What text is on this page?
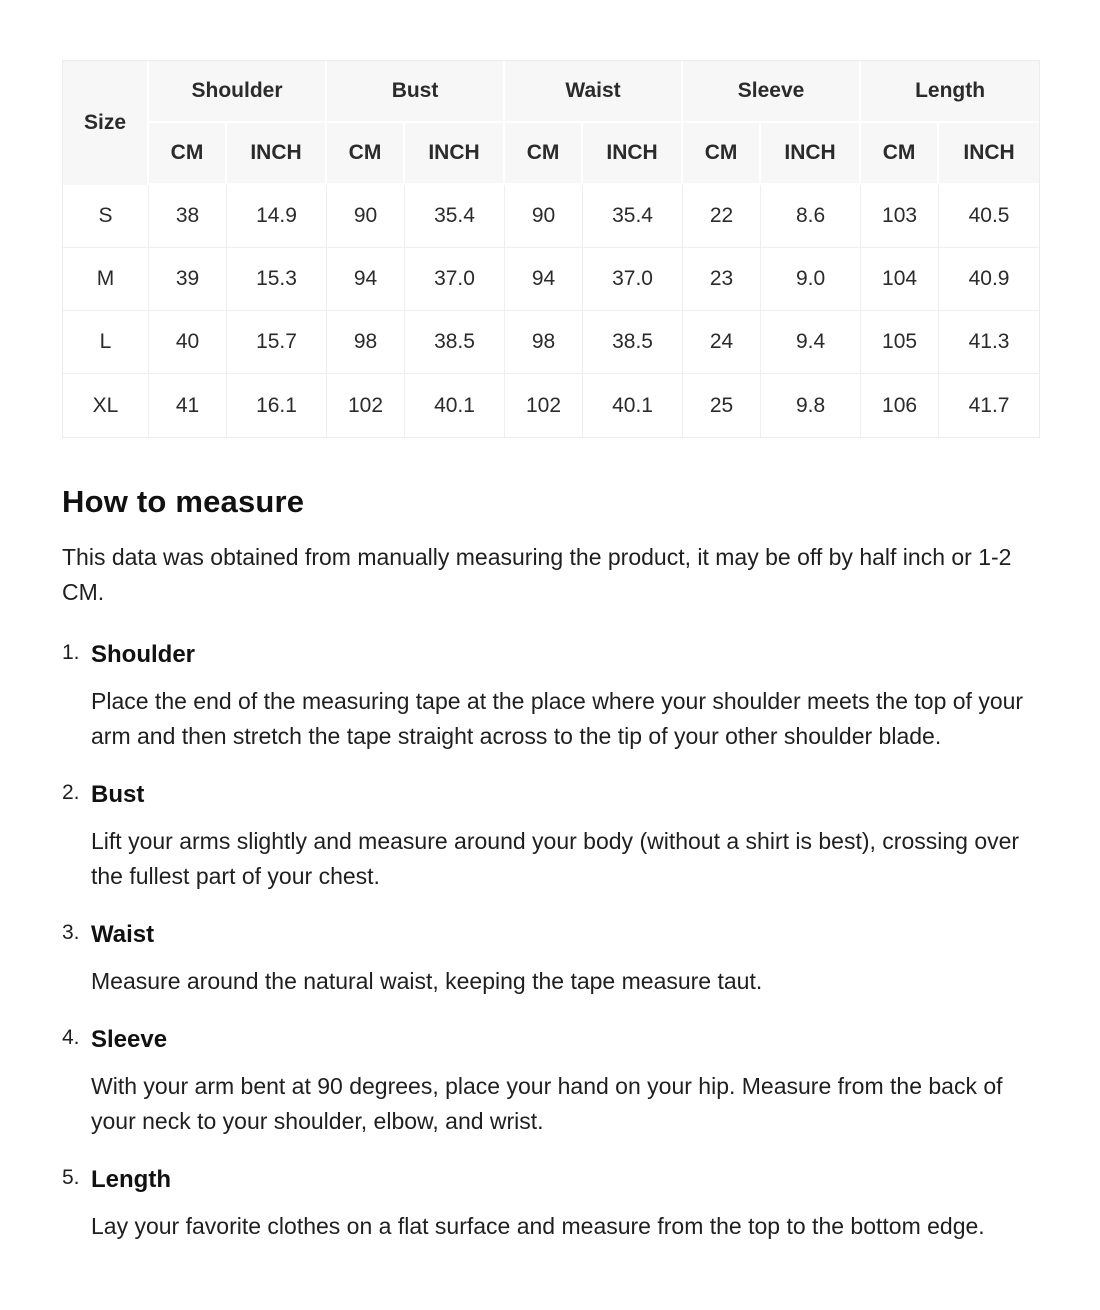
Size	Shoulder		Bust		Waist		Sleeve		Length	
	CM	INCH	CM	INCH	CM	INCH	CM	INCH	CM	INCH
S	38	14.9	90	35.4	90	35.4	22	8.6	103	40.5
M	39	15.3	94	37.0	94	37.0	23	9.0	104	40.9
L	40	15.7	98	38.5	98	38.5	24	9.4	105	41.3
XL	41	16.1	102	40.1	102	40.1	25	9.8	106	41.7
How to measure

This data was obtained from manually measuring the product, it may be off by half inch or 1-2 CM.

1. Shoulder

Place the end of the measuring tape at the place where your shoulder meets the top of your arm and then stretch the tape straight across to the tip of your other shoulder blade.

2. Bust

Lift your arms slightly and measure around your body (without a shirt is best), crossing over the fullest part of your chest.

3. Waist

Measure around the natural waist, keeping the tape measure taut.

4. Sleeve

With your arm bent at 90 degrees, place your hand on your hip. Measure from the back of your neck to your shoulder, elbow, and wrist.

5. Length

Lay your favorite clothes on a flat surface and measure from the top to the bottom edge.
